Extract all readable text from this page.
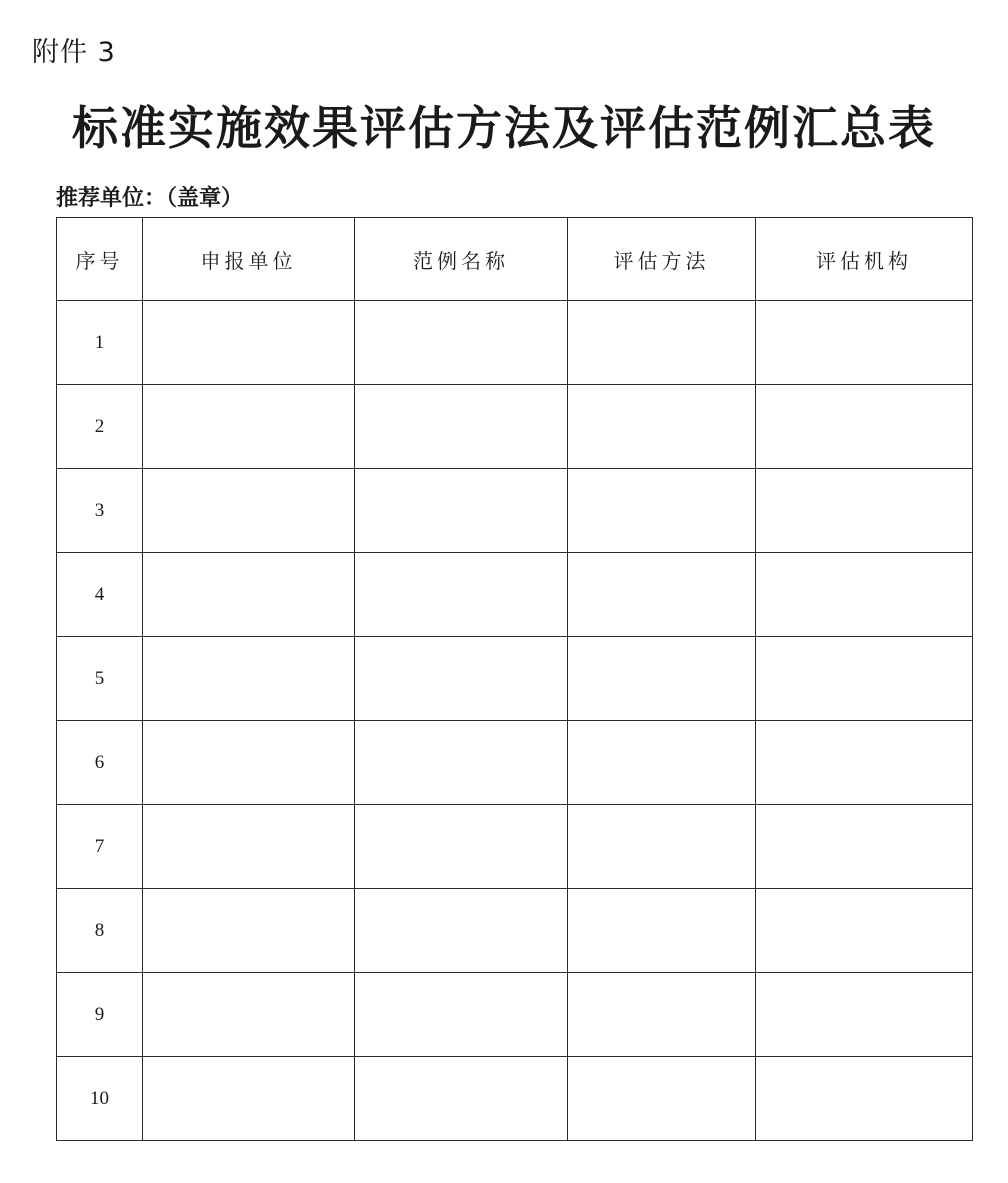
附件 3
标准实施效果评估方法及评估范例汇总表
推荐单位：（盖章）
序号	申报单位	范例名称	评估方法	评估机构
1				
2				
3				
4				
5				
6				
7				
8				
9				
10				
